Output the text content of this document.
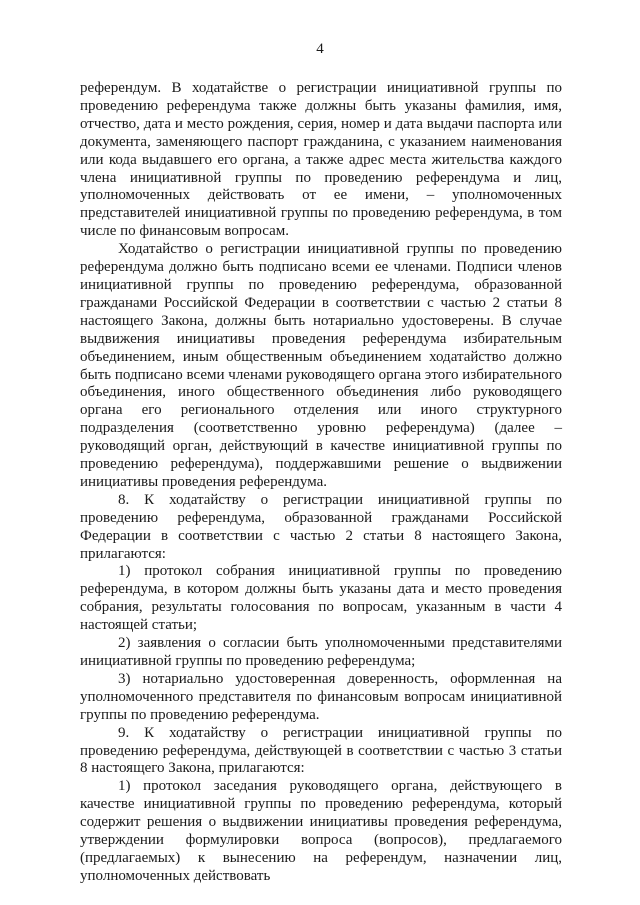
4

референдум. В ходатайстве о регистрации инициативной группы по проведению референдума также должны быть указаны фамилия, имя, отчество, дата и место рождения, серия, номер и дата выдачи паспорта или документа, заменяющего паспорт гражданина, с указанием наименования или кода выдавшего его органа, а также адрес места жительства каждого члена инициативной группы по проведению референдума и лиц, уполномоченных действовать от ее имени, – уполномоченных представителей инициативной группы по проведению референдума, в том числе по финансовым вопросам.

Ходатайство о регистрации инициативной группы по проведению референдума должно быть подписано всеми ее членами. Подписи членов инициативной группы по проведению референдума, образованной гражданами Российской Федерации в соответствии с частью 2 статьи 8 настоящего Закона, должны быть нотариально удостоверены. В случае выдвижения инициативы проведения референдума избирательным объединением, иным общественным объединением ходатайство должно быть подписано всеми членами руководящего органа этого избирательного объединения, иного общественного объединения либо руководящего органа его регионального отделения или иного структурного подразделения (соответственно уровню референдума) (далее – руководящий орган, действующий в качестве инициативной группы по проведению референдума), поддержавшими решение о выдвижении инициативы проведения референдума.

8. К ходатайству о регистрации инициативной группы по проведению референдума, образованной гражданами Российской Федерации в соответствии с частью 2 статьи 8 настоящего Закона, прилагаются:

1) протокол собрания инициативной группы по проведению референдума, в котором должны быть указаны дата и место проведения собрания, результаты голосования по вопросам, указанным в части 4 настоящей статьи;

2) заявления о согласии быть уполномоченными представителями инициативной группы по проведению референдума;

3) нотариально удостоверенная доверенность, оформленная на уполномоченного представителя по финансовым вопросам инициативной группы по проведению референдума.

9. К ходатайству о регистрации инициативной группы по проведению референдума, действующей в соответствии с частью 3 статьи 8 настоящего Закона, прилагаются:

1) протокол заседания руководящего органа, действующего в качестве инициативной группы по проведению референдума, который содержит решения о выдвижении инициативы проведения референдума, утверждении формулировки вопроса (вопросов), предлагаемого (предлагаемых) к вынесению на референдум, назначении лиц, уполномоченных действовать
